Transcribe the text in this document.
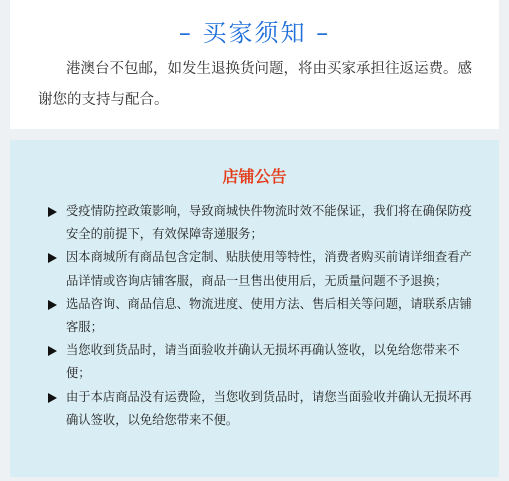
– 买家须知 –
港澳台不包邮，如发生退换货问题，将由买家承担往返运费。感谢您的支持与配合。
店铺公告
受疫情防控政策影响，导致商城快件物流时效不能保证，我们将在确保防疫安全的前提下，有效保障寄递服务；
因本商城所有商品包含定制、贴肤使用等特性，消费者购买前请详细查看产品详情或咨询店铺客服，商品一旦售出使用后，无质量问题不予退换；
选品咨询、商品信息、物流进度、使用方法、售后相关等问题，请联系店铺客服；
当您收到货品时，请当面验收并确认无损坏再确认签收，以免给您带来不便；
由于本店商品没有运费险，当您收到货品时，请您当面验收并确认无损坏再确认签收，以免给您带来不便。
